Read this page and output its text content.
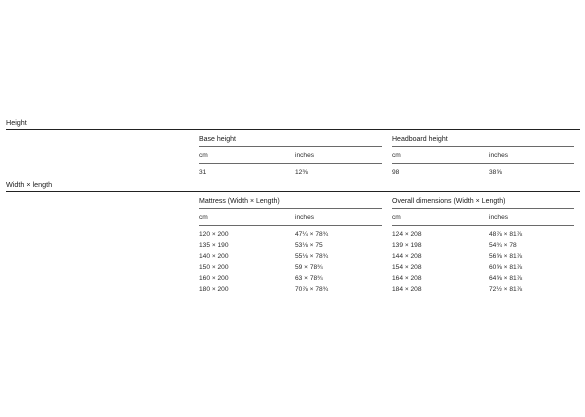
Height
Base height
cm	inches
31	12⅜
Headboard height
cm	inches
98	38⅝
Width × length
Mattress (Width × Length)
cm	inches
120 × 200	47¼ × 78¾
135 × 190	53⅛ × 75
140 × 200	55⅛ × 78¾
150 × 200	59 × 78¾
160 × 200	63 × 78¾
180 × 200	70⅞ × 78¾
Overall dimensions (Width × Length)
cm	inches
124 × 208	48⅞ × 81⅞
139 × 198	54¾ × 78
144 × 208	56⅝ × 81⅞
154 × 208	60⅝ × 81⅞
164 × 208	64⅝ × 81⅞
184 × 208	72½ × 81⅞
